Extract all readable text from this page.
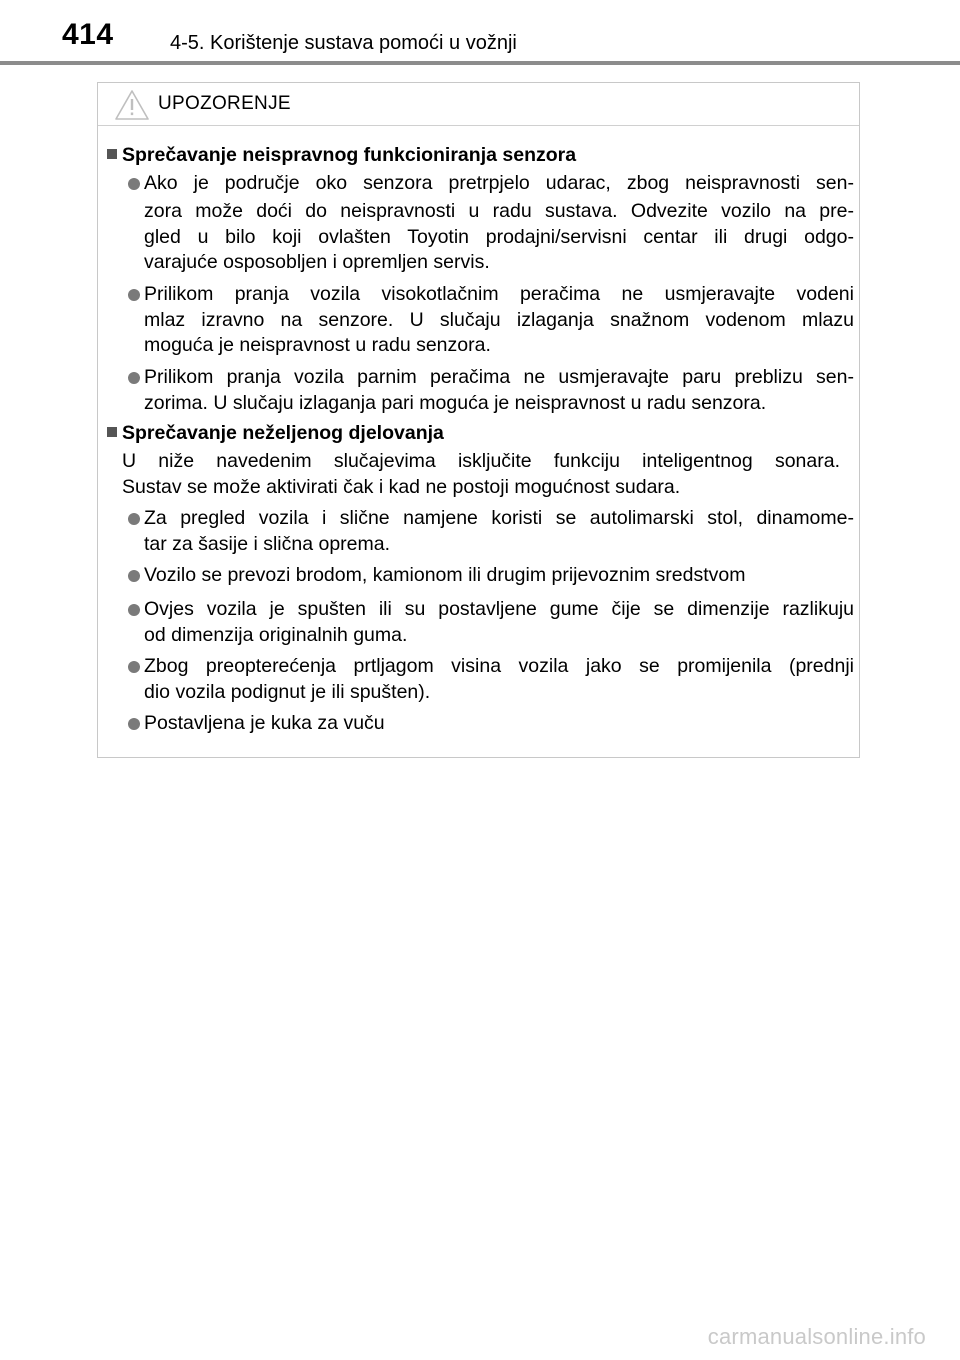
414	4-5. Korištenje sustava pomoći u vožnji
UPOZORENJE
Sprečavanje neispravnog funkcioniranja senzora
Ako je područje oko senzora pretrpjelo udarac, zbog neispravnosti sen-
zora može doći do neispravnosti u radu sustava. Odvezite vozilo na pre-
gled u bilo koji ovlašten Toyotin prodajni/servisni centar ili drugi odgo-
varajuće osposobljen i opremljen servis.
Prilikom pranja vozila visokotlačnim peračima ne usmjeravajte vodeni
mlaz izravno na senzore. U slučaju izlaganja snažnom vodenom mlazu
moguća je neispravnost u radu senzora.
Prilikom pranja vozila parnim peračima ne usmjeravajte paru preblizu sen-
zorima. U slučaju izlaganja pari moguća je neispravnost u radu senzora.
Sprečavanje neželjenog djelovanja
U niže navedenim slučajevima isključite funkciju inteligentnog sonara.
Sustav se može aktivirati čak i kad ne postoji mogućnost sudara.
Za pregled vozila i slične namjene koristi se autolimarski stol, dinamome-
tar za šasije i slična oprema.
Vozilo se prevozi brodom, kamionom ili drugim prijevoznim sredstvom
Ovjes vozila je spušten ili su postavljene gume čije se dimenzije razlikuju
od dimenzija originalnih guma.
Zbog preopterećenja prtljagom visina vozila jako se promijenila (prednji
dio vozila podignut je ili spušten).
Postavljena je kuka za vuču
carmanualsonline.info
